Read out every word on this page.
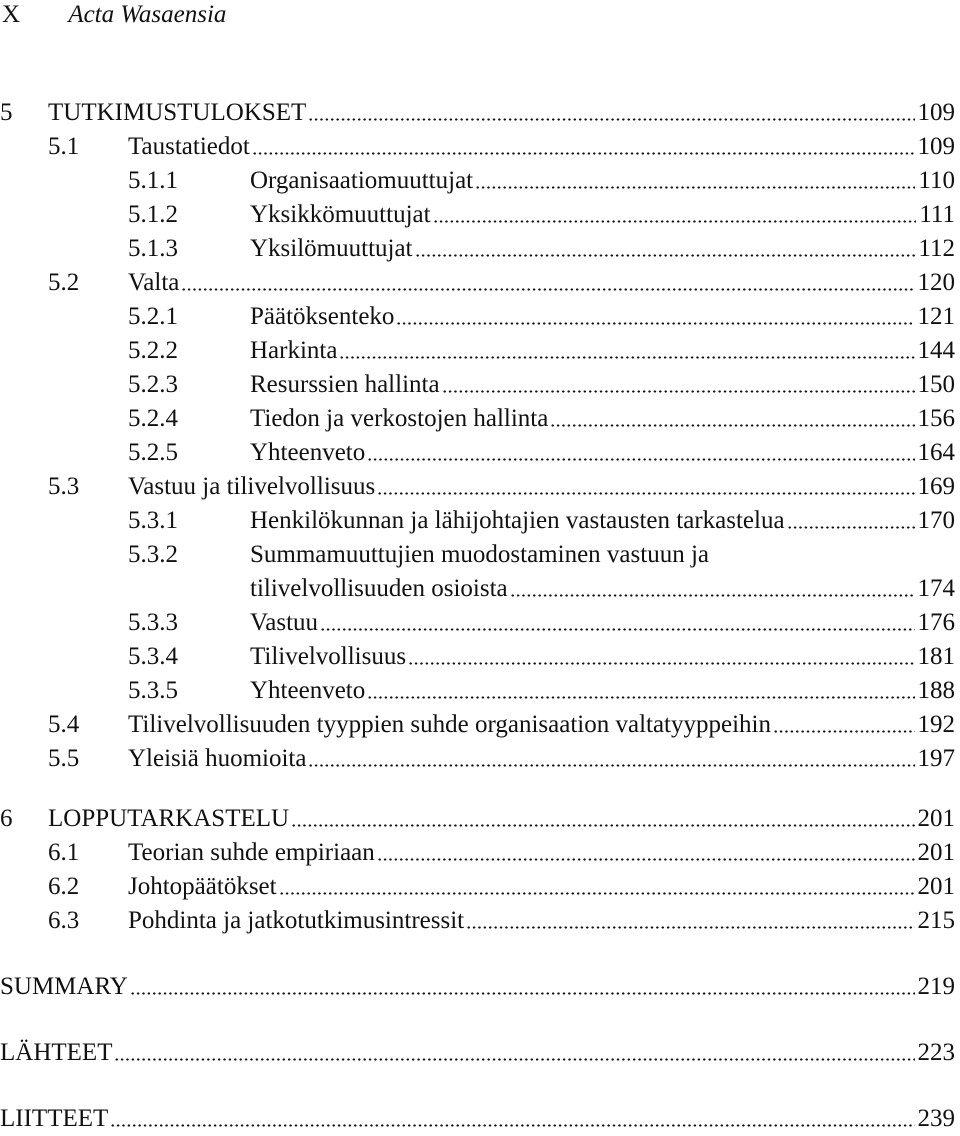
X Acta Wasaensia
5 TUTKIMUSTULOKSET	109
5.1 Taustatiedot	109
5.1.1	Organisaatiomuuttujat	110
5.1.2	Yksikkömuuttujat	111
5.1.3	Yksilömuuttujat	112
5.2 Valta	120
5.2.1	Päätöksenteko	121
5.2.2	Harkinta	144
5.2.3	Resurssien hallinta	150
5.2.4	Tiedon ja verkostojen hallinta	156
5.2.5	Yhteenveto	164
5.3 Vastuu ja tilivelvollisuus	169
5.3.1	Henkilökunnan ja lähijohtajien vastausten tarkastelua	170
5.3.2	Summamuuttujien muodostaminen vastuun ja
tilivelvollisuuden osioista	174
5.3.3	Vastuu	176
5.3.4	Tilivelvollisuus	181
5.3.5	Yhteenveto	188
5.4 Tilivelvollisuuden tyyppien suhde organisaation valtatyyppeihin	192
5.5 Yleisiä huomioita	197
6 LOPPUTARKASTELU	201
6.1 Teorian suhde empiriaan	201
6.2 Johtopäätökset	201
6.3 Pohdinta ja jatkotutkimusintressit	215
SUMMARY	219
LÄHTEET	223
LIITTEET	239
